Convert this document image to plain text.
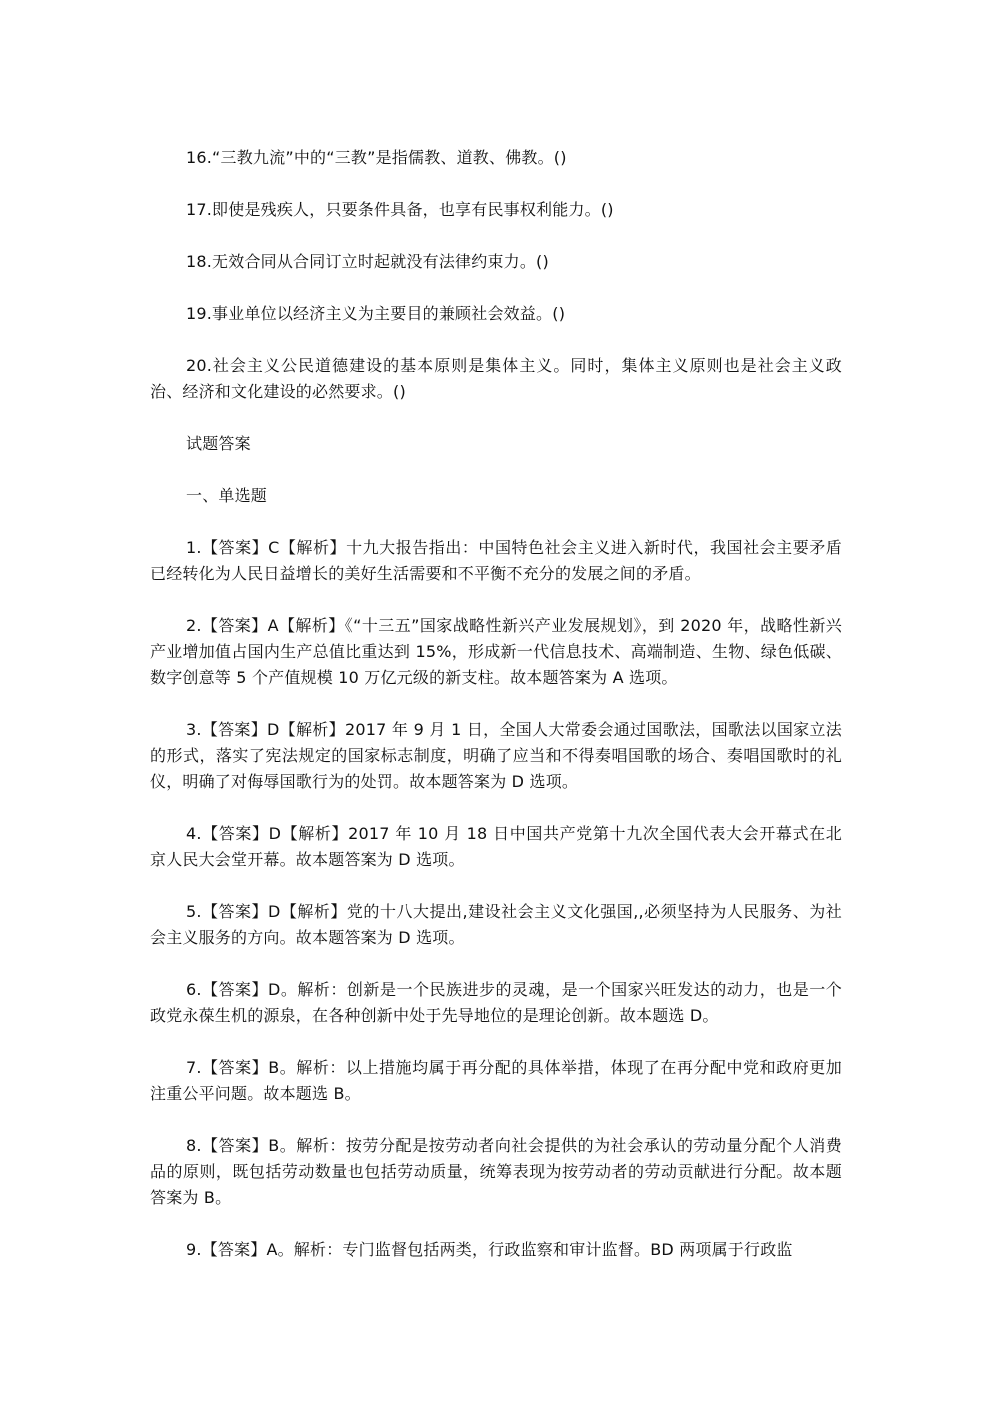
16.“三教九流”中的“三教”是指儒教、道教、佛教。()

17.即使是残疾人，只要条件具备，也享有民事权利能力。()

18.无效合同从合同订立时起就没有法律约束力。()

19.事业单位以经济主义为主要目的兼顾社会效益。()

20.社会主义公民道德建设的基本原则是集体主义。同时，集体主义原则也是社会主义政治、经济和文化建设的必然要求。()

试题答案

一、单选题

1.【答案】C【解析】十九大报告指出：中国特色社会主义进入新时代，我国社会主要矛盾已经转化为人民日益增长的美好生活需要和不平衡不充分的发展之间的矛盾。

2.【答案】A【解析】《“十三五”国家战略性新兴产业发展规划》，到 2020 年，战略性新兴产业增加值占国内生产总值比重达到 15%，形成新一代信息技术、高端制造、生物、绿色低碳、数字创意等 5 个产值规模 10 万亿元级的新支柱。故本题答案为 A 选项。

3.【答案】D【解析】2017 年 9 月 1 日，全国人大常委会通过国歌法，国歌法以国家立法的形式，落实了宪法规定的国家标志制度，明确了应当和不得奏唱国歌的场合、奏唱国歌时的礼仪，明确了对侮辱国歌行为的处罚。故本题答案为 D 选项。

4.【答案】D【解析】2017 年 10 月 18 日中国共产党第十九次全国代表大会开幕式在北京人民大会堂开幕。故本题答案为 D 选项。

5.【答案】D【解析】党的十八大提出,建设社会主义文化强国,,必须坚持为人民服务、为社会主义服务的方向。故本题答案为 D 选项。

6.【答案】D。解析：创新是一个民族进步的灵魂，是一个国家兴旺发达的动力，也是一个政党永葆生机的源泉，在各种创新中处于先导地位的是理论创新。故本题选 D。

7.【答案】B。解析：以上措施均属于再分配的具体举措，体现了在再分配中党和政府更加注重公平问题。故本题选 B。

8.【答案】B。解析：按劳分配是按劳动者向社会提供的为社会承认的劳动量分配个人消费品的原则，既包括劳动数量也包括劳动质量，统筹表现为按劳动者的劳动贡献进行分配。故本题答案为 B。

9.【答案】A。解析：专门监督包括两类，行政监察和审计监督。BD 两项属于行政监
